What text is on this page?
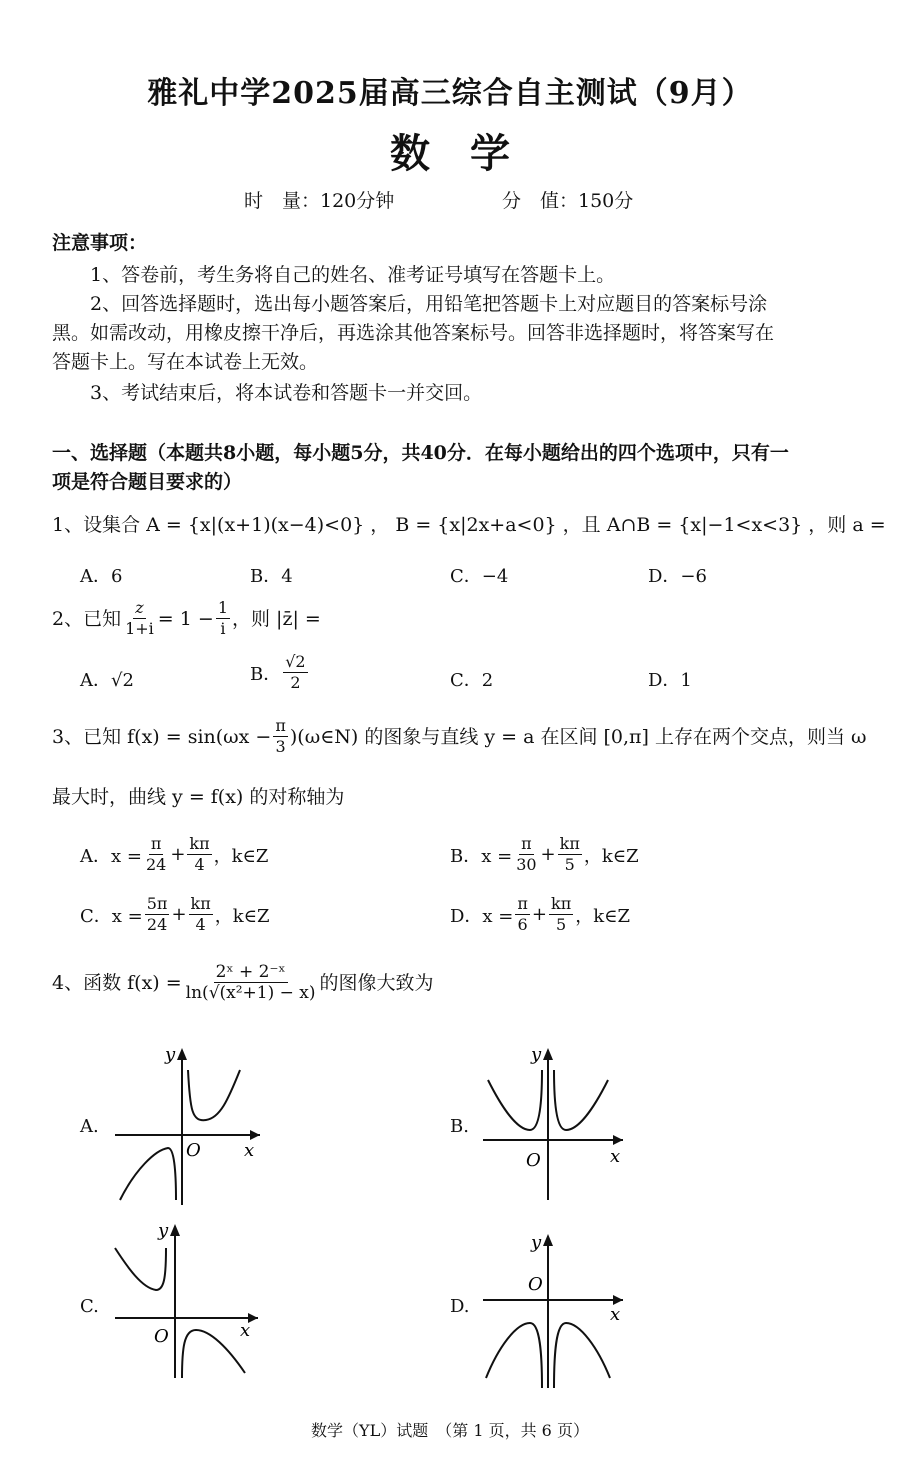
雅礼中学2025届高三综合自主测试（9月）
数学
时　量：120分钟	分　值：150分
注意事项：
1、答卷前，考生务将自己的姓名、准考证号填写在答题卡上。
2、回答选择题时，选出每小题答案后，用铅笔把答题卡上对应题目的答案标号涂
黑。如需改动，用橡皮擦干净后，再选涂其他答案标号。回答非选择题时，将答案写在
答题卡上。写在本试卷上无效。
3、考试结束后，将本试卷和答题卡一并交回。
一、选择题（本题共8小题，每小题5分，共40分．在每小题给出的四个选项中，只有一
项是符合题目要求的）
1、设集合 A = {x|(x+1)(x−4)<0} ， B = {x|2x+a<0} ，且 A∩B = {x|−1<x<3} ，则 a =
A．6	B．4	C．−4	D．−6
2、已知 $\frac{z}{1+i} = 1 - \frac{1}{i}$ ，则 |z̄| =
A．√2	B． $\frac{√2}{2}$	C．2	D．1
3、已知 $f(x) = \sin(\omega x - \frac{\pi}{3}$ )(ω∈N) 的图象与直线 y = a 在区间 [0,π] 上存在两个交点，则当 ω
最大时，曲线 y = f(x) 的对称轴为
A．$x = \frac{\pi}{24} + \frac{k\pi}{4}$ ，k∈Z	B．$x = \frac{\pi}{30} + \frac{k\pi}{5}$ ，k∈Z
C．$x = \frac{5\pi}{24} + \frac{k\pi}{4}$ ，k∈Z	D．$x = \frac{\pi}{6} + \frac{k\pi}{5}$ ，k∈Z
4、函数 $f(x) = \frac{\text{2ˣ + 2⁻ˣ}}{\text{ln(√(x²+1) − x)}}$ 的图像大致为
A.	B.
C.	D.
y
x
O
y
x
O
y
x
O
y
x
O
数学（YL）试题　（第 1 页，共 6 页）
